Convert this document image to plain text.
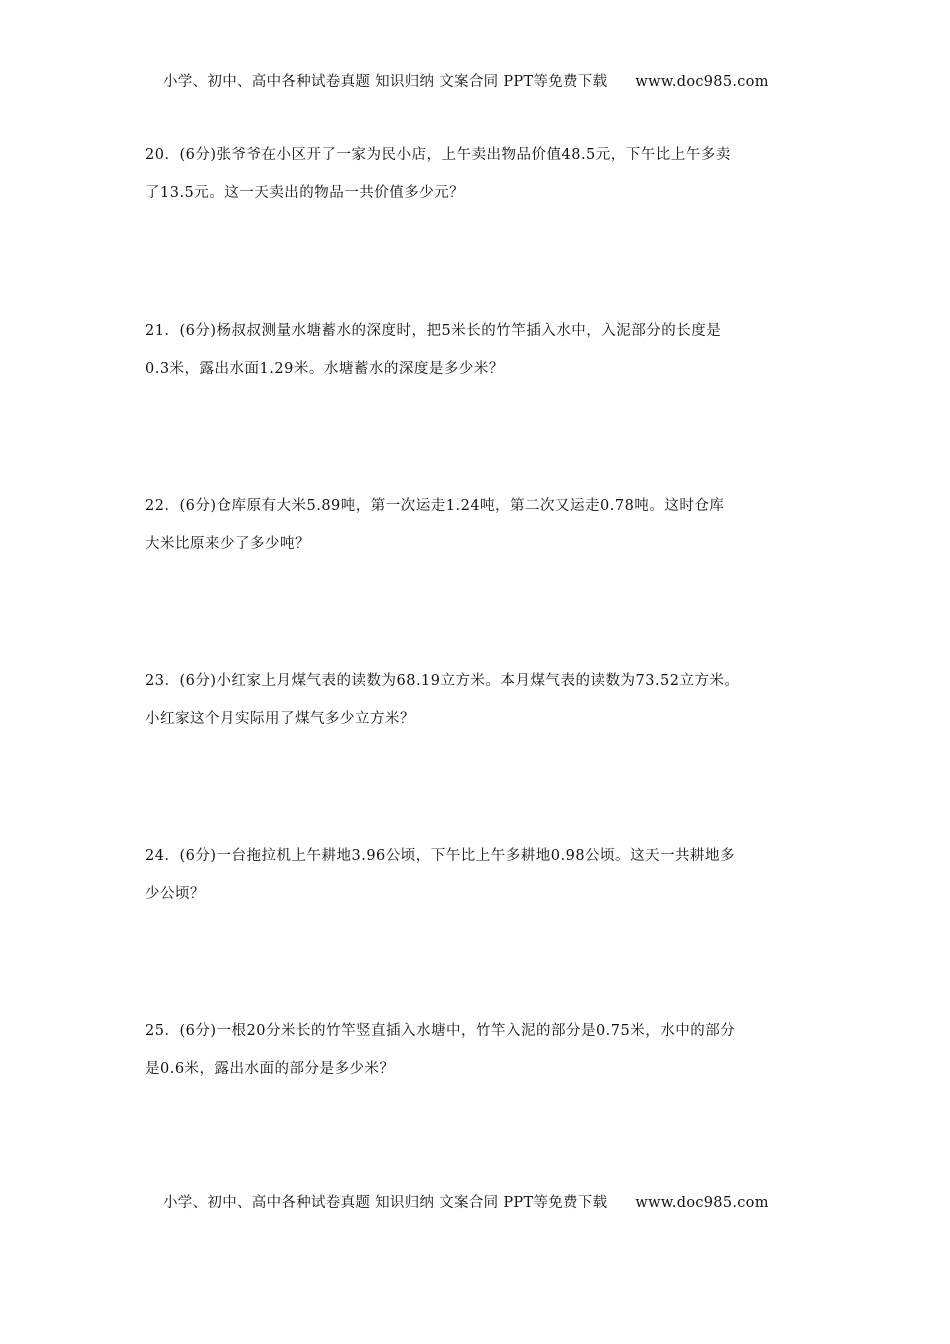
小学、初中、高中各种试卷真题 知识归纳 文案合同 PPT等免费下载 www.doc985.com
20．(6分)张爷爷在小区开了一家为民小店，上午卖出物品价值48.5元，下午比上午多卖
了13.5元。这一天卖出的物品一共价值多少元？
21．(6分)杨叔叔测量水塘蓄水的深度时，把5米长的竹竿插入水中，入泥部分的长度是
0.3米，露出水面1.29米。水塘蓄水的深度是多少米？
22．(6分)仓库原有大米5.89吨，第一次运走1.24吨，第二次又运走0.78吨。这时仓库
大米比原来少了多少吨？
23．(6分)小红家上月煤气表的读数为68.19立方米。本月煤气表的读数为73.52立方米。
小红家这个月实际用了煤气多少立方米？
24．(6分)一台拖拉机上午耕地3.96公顷，下午比上午多耕地0.98公顷。这天一共耕地多
少公顷？
25．(6分)一根20分米长的竹竿竖直插入水塘中，竹竿入泥的部分是0.75米，水中的部分
是0.6米，露出水面的部分是多少米？
小学、初中、高中各种试卷真题 知识归纳 文案合同 PPT等免费下载 www.doc985.com
